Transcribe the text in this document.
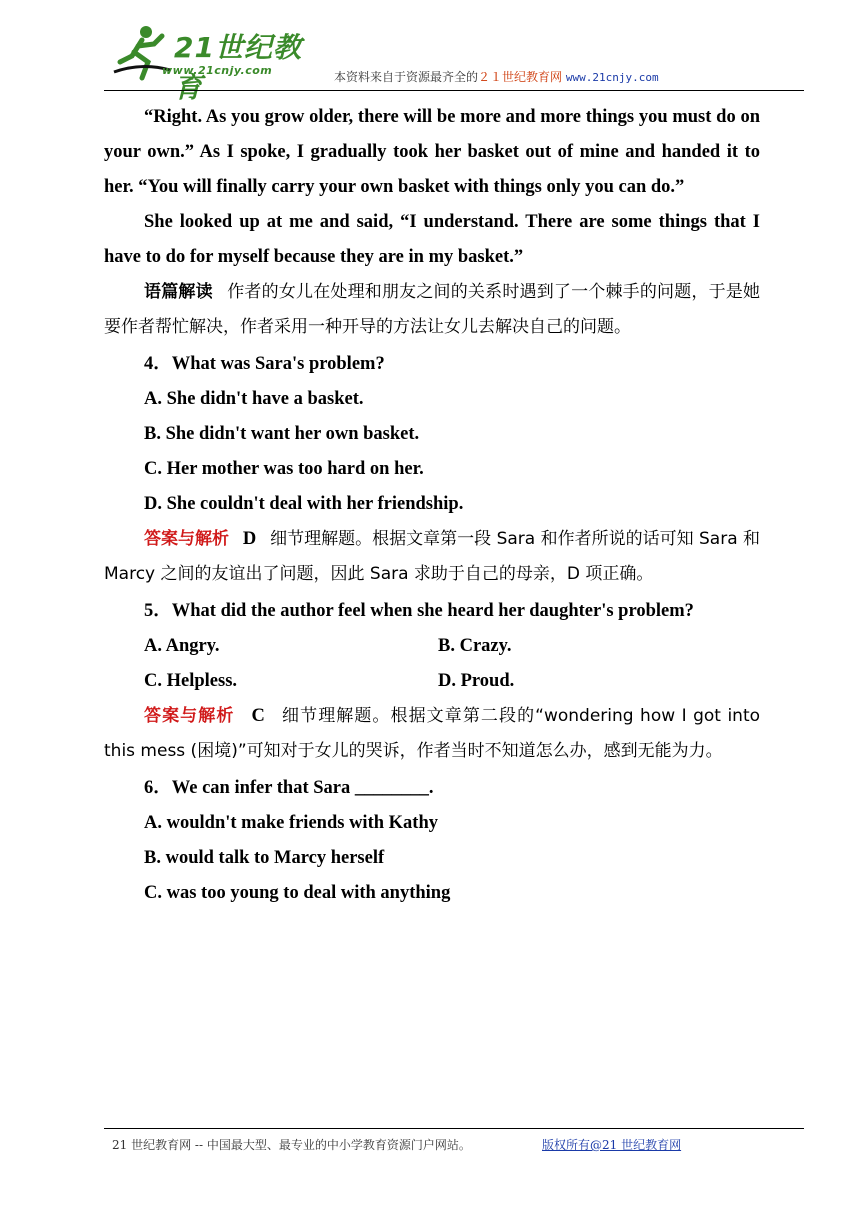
21世纪教育
www.21cnjy.com	本资料来自于资源最齐全的２１世纪教育网 www.21cnjy.com

“Right. As you grow older, there will be more and more things you must do on your own.” As I spoke, I gradually took her basket out of mine and handed it to her. “You will finally carry your own basket with things only you can do.”

She looked up at me and said, “I understand. There are some things that I have to do for myself because they are in my basket.”

语篇解读 作者的女儿在处理和朋友之间的关系时遇到了一个棘手的问题，于是她要作者帮忙解决，作者采用一种开导的方法让女儿去解决自己的问题。

4．What was Sara's problem?

A. She didn't have a basket.

B. She didn't want her own basket.

C. Her mother was too hard on her.

D. She couldn't deal with her friendship.

答案与解析 D 细节理解题。根据文章第一段 Sara 和作者所说的话可知 Sara 和 Marcy 之间的友谊出了问题，因此 Sara 求助于自己的母亲，D 项正确。

5．What did the author feel when she heard her daughter's problem?

A. Angry.	B. Crazy.

C. Helpless.	D. Proud.

答案与解析 C 细节理解题。根据文章第二段的“wondering how I got into this mess (困境)”可知对于女儿的哭诉，作者当时不知道怎么办，感到无能为力。

6．We can infer that Sara ________.

A. wouldn't make friends with Kathy

B. would talk to Marcy herself

C. was too young to deal with anything

21 世纪教育网 -- 中国最大型、最专业的中小学教育资源门户网站。	版权所有@21 世纪教育网
